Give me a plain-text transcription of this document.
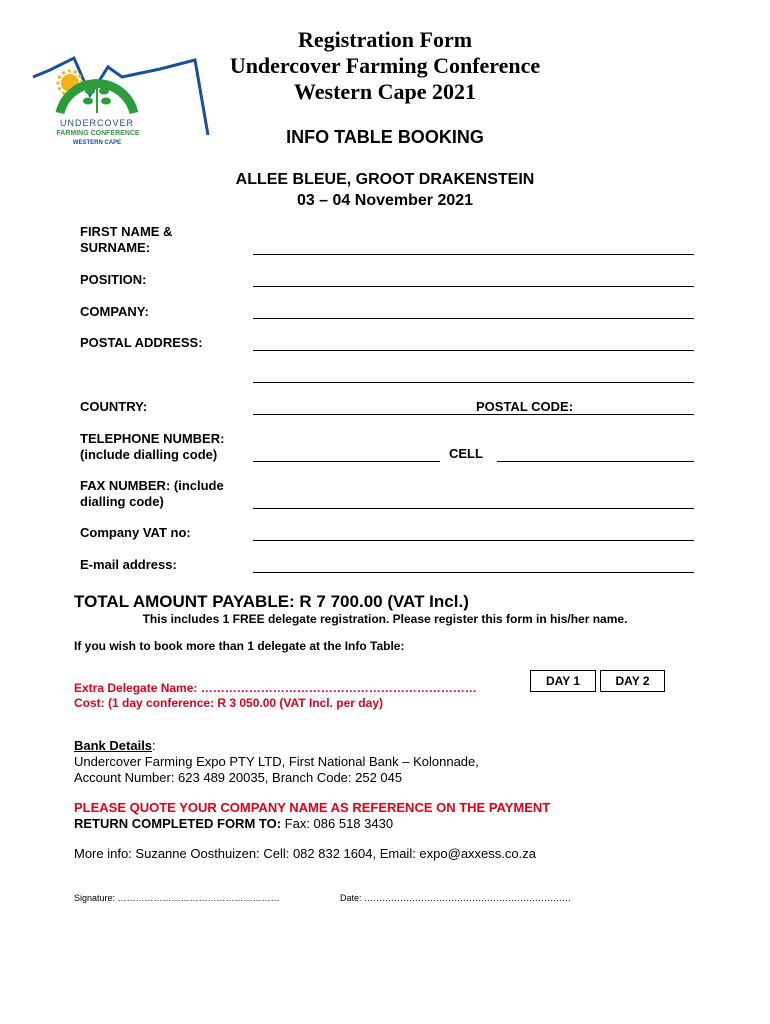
UNDERCOVER
FARMING CONFERENCE
WESTERN CAPE
Registration Form
Undercover Farming Conference
Western Cape 2021
INFO TABLE BOOKING
ALLEE BLEUE, GROOT DRAKENSTEIN
03 – 04 November 2021
FIRST NAME &
SURNAME:
POSITION:
COMPANY:
POSTAL ADDRESS:
COUNTRY:	POSTAL CODE:
TELEPHONE NUMBER:
(include dialling code)	CELL
FAX NUMBER: (include
dialling code)
Company VAT no:
E-mail address:
TOTAL AMOUNT PAYABLE: R 7 700.00 (VAT Incl.)
This includes 1 FREE delegate registration. Please register this form in his/her name.
If you wish to book more than 1 delegate at the Info Table:
Extra Delegate Name: ……………………………………………………………
Cost: (1 day conference: R 3 050.00 (VAT Incl. per day)
DAY 1	DAY 2
Bank Details:
Undercover Farming Expo PTY LTD, First National Bank – Kolonnade,
Account Number: 623 489 20035, Branch Code: 252 045
PLEASE QUOTE YOUR COMPANY NAME AS REFERENCE ON THE PAYMENT
RETURN COMPLETED FORM TO: Fax: 086 518 3430
More info: Suzanne Oosthuizen: Cell: 082 832 1604, Email: expo@axxess.co.za
Signature: ………………………………………………	Date: ……………………………………………………………
